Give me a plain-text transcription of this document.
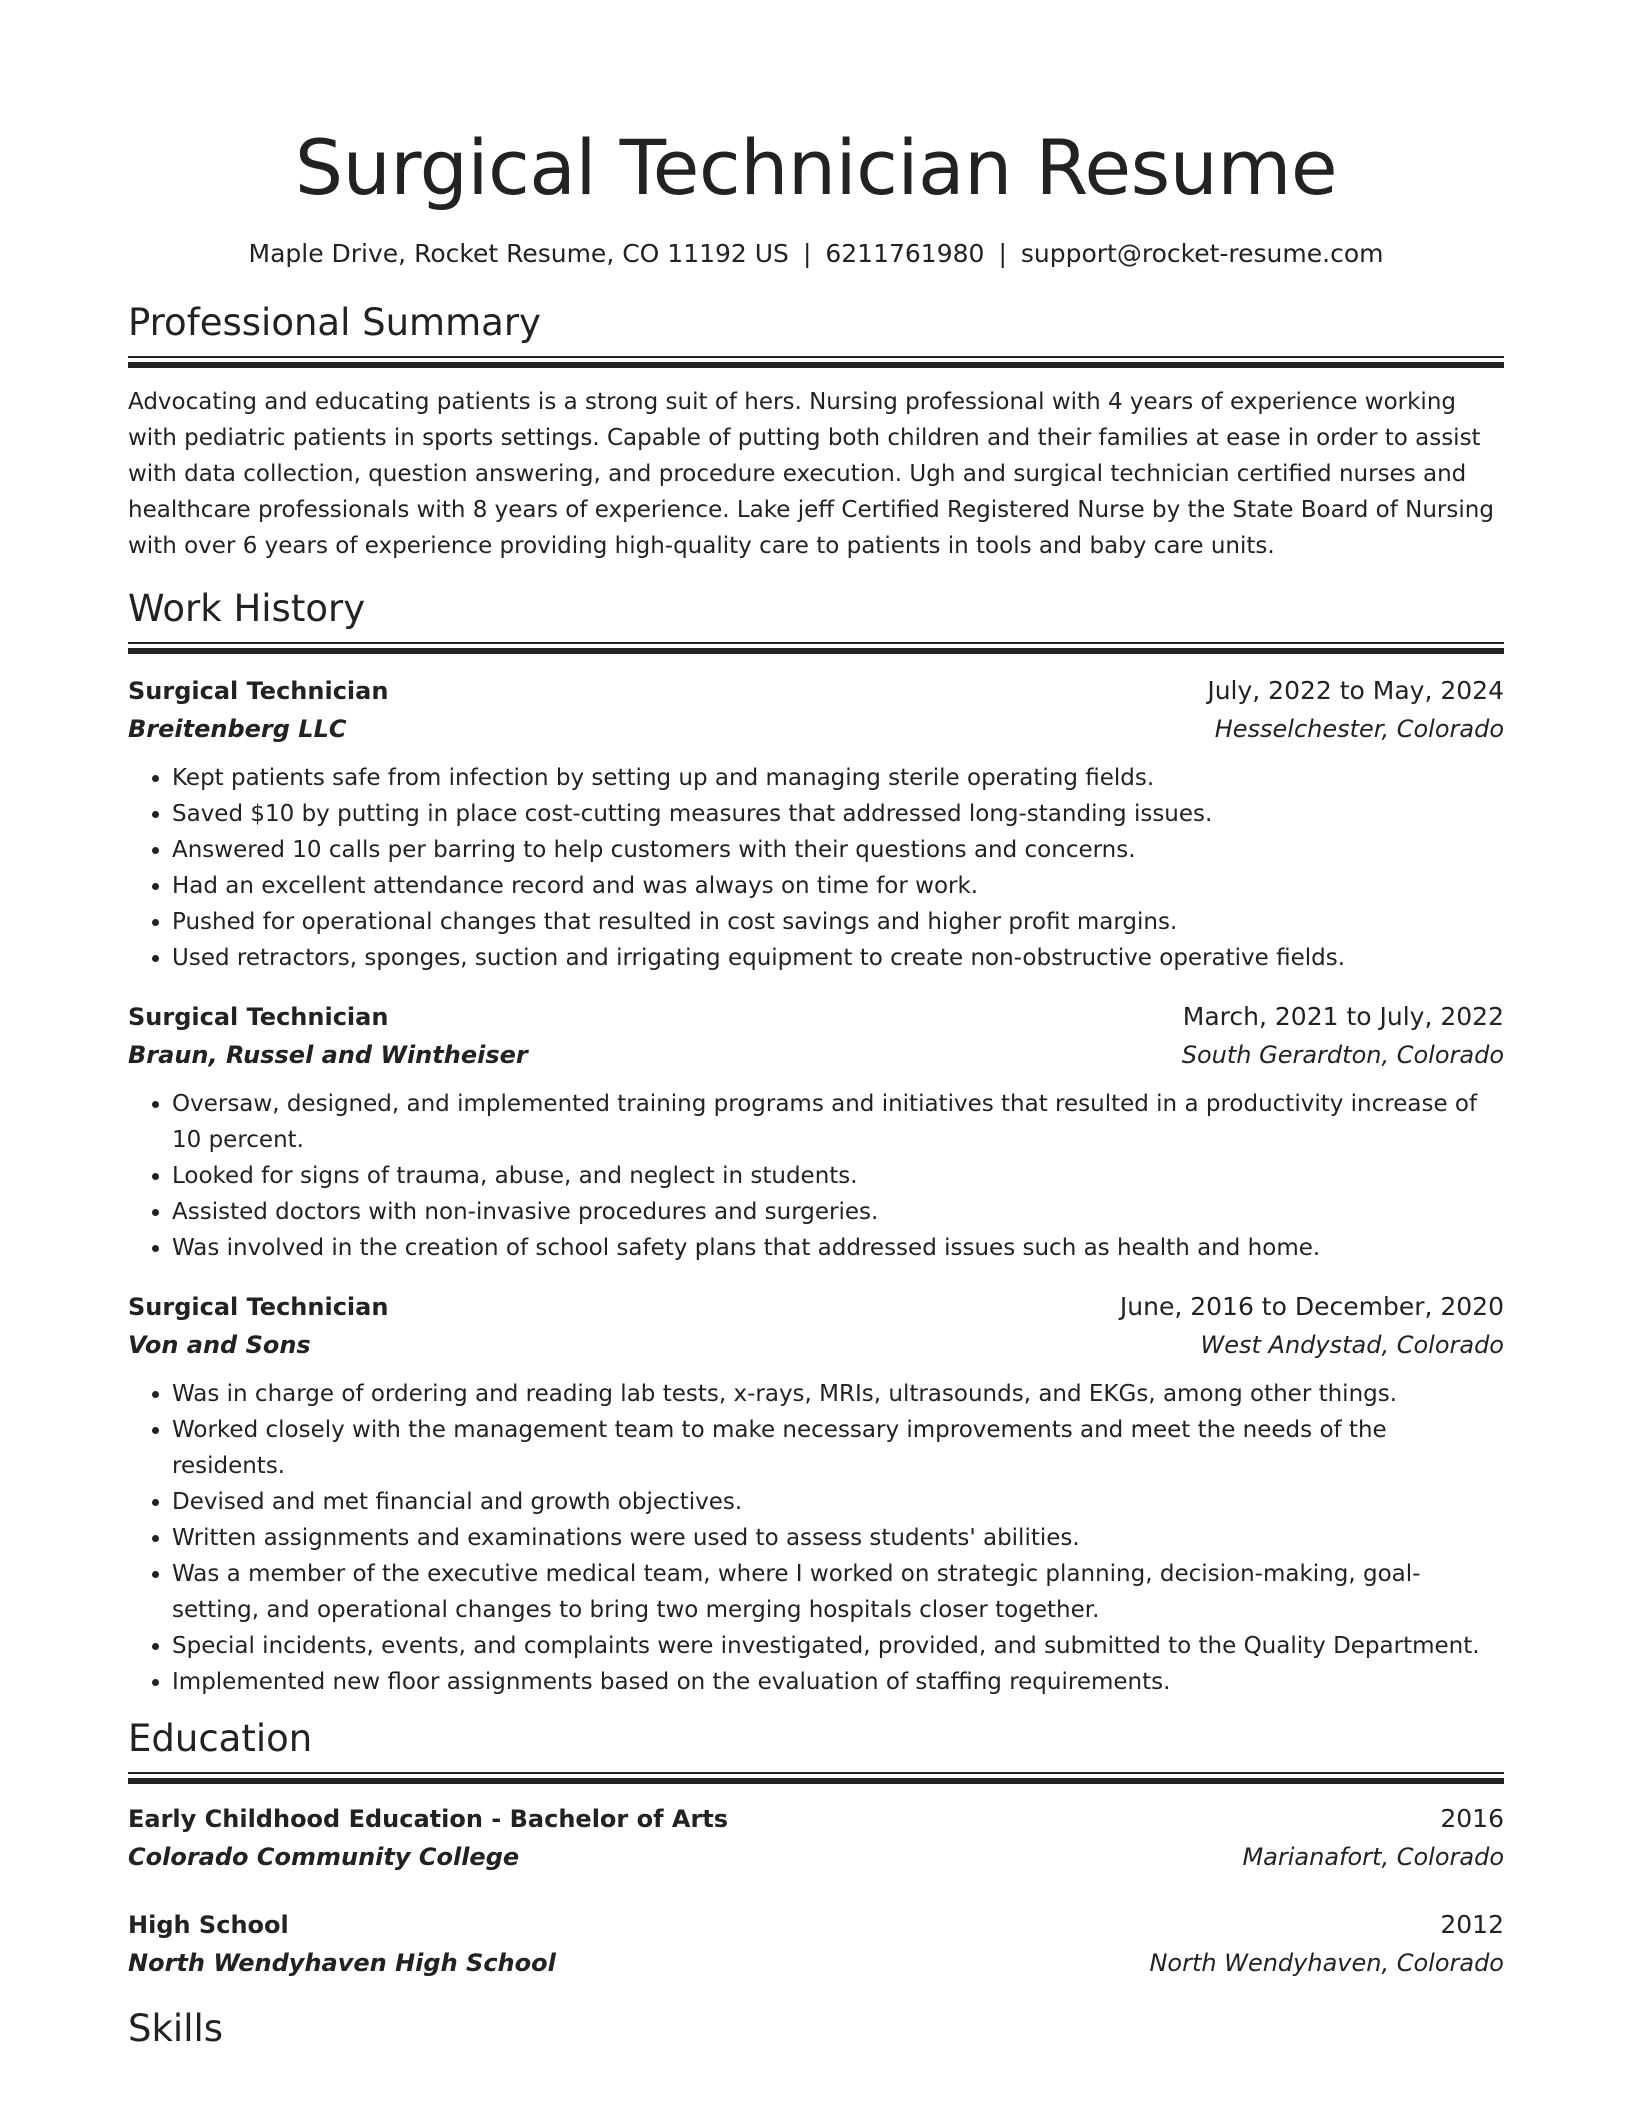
Surgical Technician Resume
Maple Drive, Rocket Resume, CO 11192 US | 6211761980 | support@rocket-resume.com
Professional Summary
Advocating and educating patients is a strong suit of hers. Nursing professional with 4 years of experience working with pediatric patients in sports settings. Capable of putting both children and their families at ease in order to assist with data collection, question answering, and procedure execution. Ugh and surgical technician certified nurses and healthcare professionals with 8 years of experience. Lake jeff Certified Registered Nurse by the State Board of Nursing with over 6 years of experience providing high-quality care to patients in tools and baby care units.
Work History
Surgical Technician	July, 2022 to May, 2024
Breitenberg LLC	Hesselchester, Colorado
• Kept patients safe from infection by setting up and managing sterile operating fields.
• Saved $10 by putting in place cost-cutting measures that addressed long-standing issues.
• Answered 10 calls per barring to help customers with their questions and concerns.
• Had an excellent attendance record and was always on time for work.
• Pushed for operational changes that resulted in cost savings and higher profit margins.
• Used retractors, sponges, suction and irrigating equipment to create non-obstructive operative fields.
Surgical Technician	March, 2021 to July, 2022
Braun, Russel and Wintheiser	South Gerardton, Colorado
• Oversaw, designed, and implemented training programs and initiatives that resulted in a productivity increase of 10 percent.
• Looked for signs of trauma, abuse, and neglect in students.
• Assisted doctors with non-invasive procedures and surgeries.
• Was involved in the creation of school safety plans that addressed issues such as health and home.
Surgical Technician	June, 2016 to December, 2020
Von and Sons	West Andystad, Colorado
• Was in charge of ordering and reading lab tests, x-rays, MRIs, ultrasounds, and EKGs, among other things.
• Worked closely with the management team to make necessary improvements and meet the needs of the residents.
• Devised and met financial and growth objectives.
• Written assignments and examinations were used to assess students' abilities.
• Was a member of the executive medical team, where I worked on strategic planning, decision-making, goal-setting, and operational changes to bring two merging hospitals closer together.
• Special incidents, events, and complaints were investigated, provided, and submitted to the Quality Department.
• Implemented new floor assignments based on the evaluation of staffing requirements.
Education
Early Childhood Education - Bachelor of Arts	2016
Colorado Community College	Marianafort, Colorado
High School	2012
North Wendyhaven High School	North Wendyhaven, Colorado
Skills
